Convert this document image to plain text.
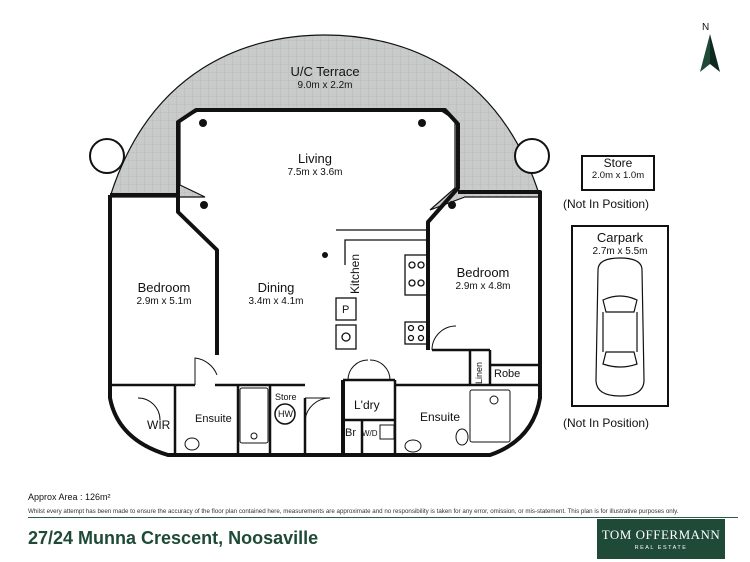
N
U/C Terrace
9.0m x 2.2m
Living
7.5m x 3.6m
Bedroom
2.9m x 5.1m
Dining
3.4m x 4.1m
Kitchen	Bedroom
2.9m x 4.8m
P
WIR Ensuite
Store
HW
L'dry
Br W/D
Ensuite
Linen Robe
Store
2.0m x 1.0m
(Not In Position)
Carpark
2.7m x 5.5m
(Not In Position)
Approx Area : 126m²
Whilst every attempt has been made to ensure the accuracy of the floor plan contained here, measurements are approximate and no responsibility is taken for any error, omission, or mis-statement. This plan is for illustrative purposes only.
27/24 Munna Crescent, Noosaville	TOM OFFERMANN
REAL ESTATE
